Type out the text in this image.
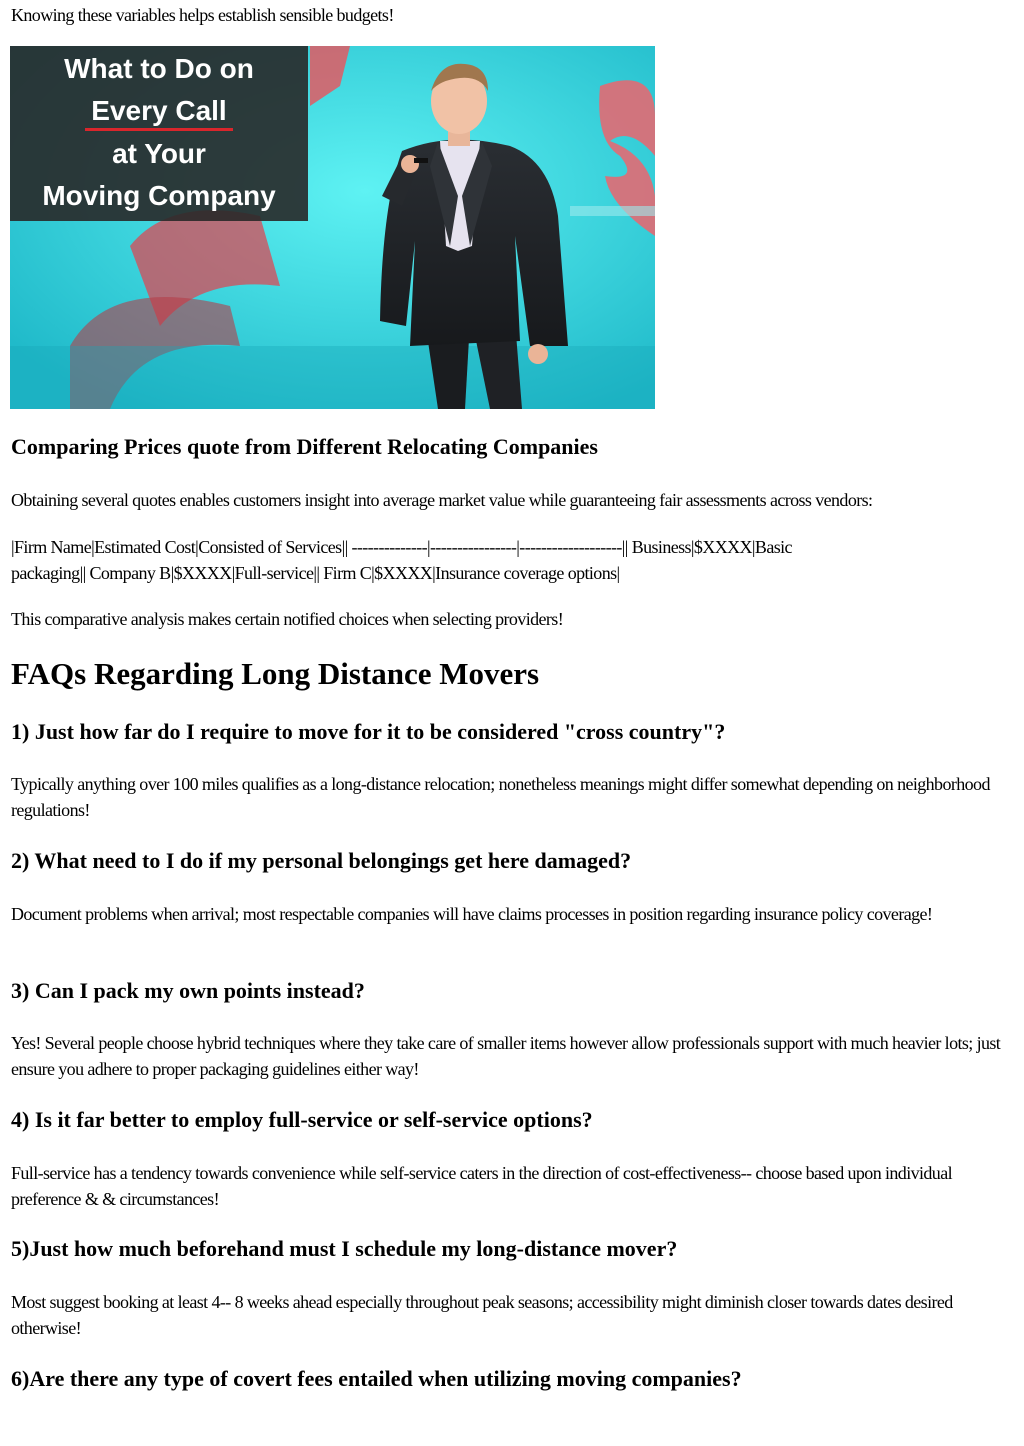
Knowing these variables helps establish sensible budgets!

What to Do on
Every Call
at Your
Moving Company
Comparing Prices quote from Different Relocating Companies

Obtaining several quotes enables customers insight into average market value while guaranteeing fair assessments across vendors:

|Firm Name|Estimated Cost|Consisted of Services|| --------------|----------------|-------------------|| Business|$XXXX|Basic

packaging|| Company B|$XXXX|Full-service|| Firm C|$XXXX|Insurance coverage options|

This comparative analysis makes certain notified choices when selecting providers!

FAQs Regarding Long Distance Movers
1) Just how far do I require to move for it to be considered "cross country"?

Typically anything over 100 miles qualifies as a long-distance relocation; nonetheless meanings might differ somewhat depending on neighborhood regulations!

2) What need to I do if my personal belongings get here damaged?

Document problems when arrival; most respectable companies will have claims processes in position regarding insurance policy coverage!

3) Can I pack my own points instead?

Yes! Several people choose hybrid techniques where they take care of smaller items however allow professionals support with much heavier lots; just ensure you adhere to proper packaging guidelines either way!

4) Is it far better to employ full-service or self-service options?

Full-service has a tendency towards convenience while self-service caters in the direction of cost-effectiveness-- choose based upon individual preference & & circumstances!

5)Just how much beforehand must I schedule my long-distance mover?

Most suggest booking at least 4-- 8 weeks ahead especially throughout peak seasons; accessibility might diminish closer towards dates desired otherwise!

6)Are there any type of covert fees entailed when utilizing moving companies?
